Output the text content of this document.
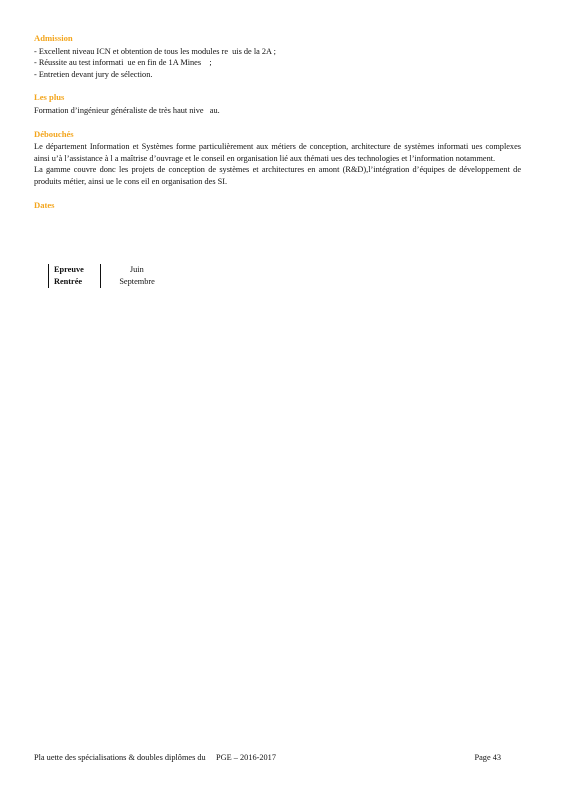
Admission
- Excellent niveau ICN et obtention de tous les modules re  uis de la 2A ;
- Réussite au test informati  ue en fin de 1A Mines    ;
- Entretien devant jury de sélection.
Les plus
Formation d’ingénieur généraliste de très haut nive   au.
Débouchés

Le département Information et Systèmes forme particulièrement aux métiers de conception, architecture de systèmes informati ues complexes ainsi u’à l’assistance à l a maîtrise d’ouvrage et le conseil en organisation lié aux thémati ues des technologies et l’information notamment.

La gamme couvre donc les projets de conception de systèmes et architectures en amont (R&D),l’intégration d’équipes de développement de produits métier, ainsi ue le cons eil en organisation des SI.

Dates
Epreuve	Juin
Rentrée	Septembre
Pla uette des spécialisations & doubles diplômes du     PGE – 2016-2017	Page 43
